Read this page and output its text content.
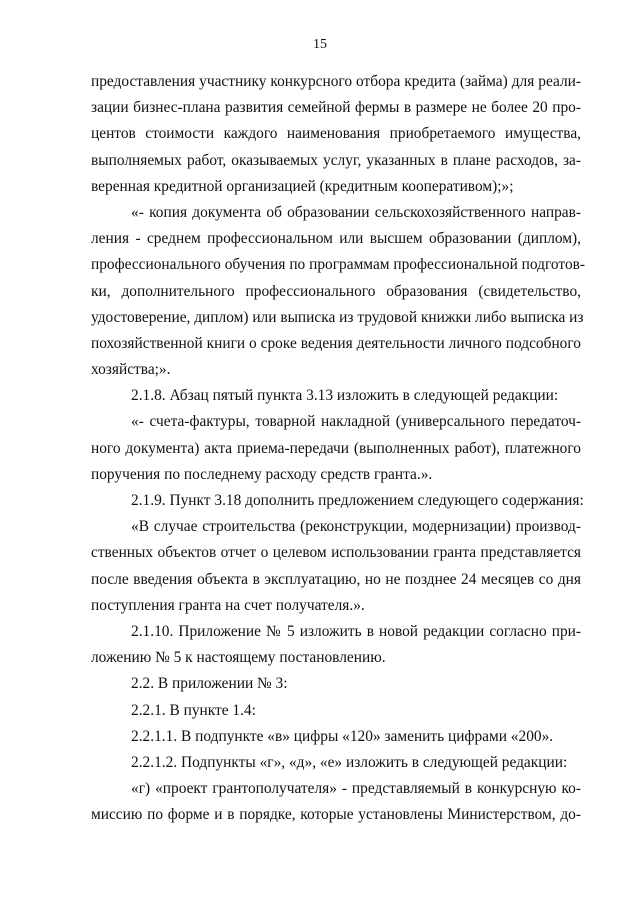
15
предоставления участнику конкурсного отбора кредита (займа) для реали-
зации бизнес-плана развития семейной фермы в размере не более 20 про-
центов стоимости каждого наименования приобретаемого имущества,
выполняемых работ, оказываемых услуг, указанных в плане расходов, за-
веренная кредитной организацией (кредитным кооперативом);»;
«- копия документа об образовании сельскохозяйственного направ-
ления - среднем профессиональном или высшем образовании (диплом),
профессионального обучения по программам профессиональной подготов-
ки, дополнительного профессионального образования (свидетельство,
удостоверение, диплом) или выписка из трудовой книжки либо выписка из
похозяйственной книги о сроке ведения деятельности личного подсобного
хозяйства;».
2.1.8. Абзац пятый пункта 3.13 изложить в следующей редакции:
«- счета-фактуры, товарной накладной (универсального передаточ-
ного документа) акта приема-передачи (выполненных работ), платежного
поручения по последнему расходу средств гранта.».
2.1.9. Пункт 3.18 дополнить предложением следующего содержания:
«В случае строительства (реконструкции, модернизации) производ-
ственных объектов отчет о целевом использовании гранта представляется
после введения объекта в эксплуатацию, но не позднее 24 месяцев со дня
поступления гранта на счет получателя.».
2.1.10. Приложение № 5 изложить в новой редакции согласно при-
ложению № 5 к настоящему постановлению.
2.2. В приложении № 3:
2.2.1. В пункте 1.4:
2.2.1.1. В подпункте «в» цифры «120» заменить цифрами «200».
2.2.1.2. Подпункты «г», «д», «е» изложить в следующей редакции:
«г) «проект грантополучателя» - представляемый в конкурсную ко-
миссию по форме и в порядке, которые установлены Министерством, до-
